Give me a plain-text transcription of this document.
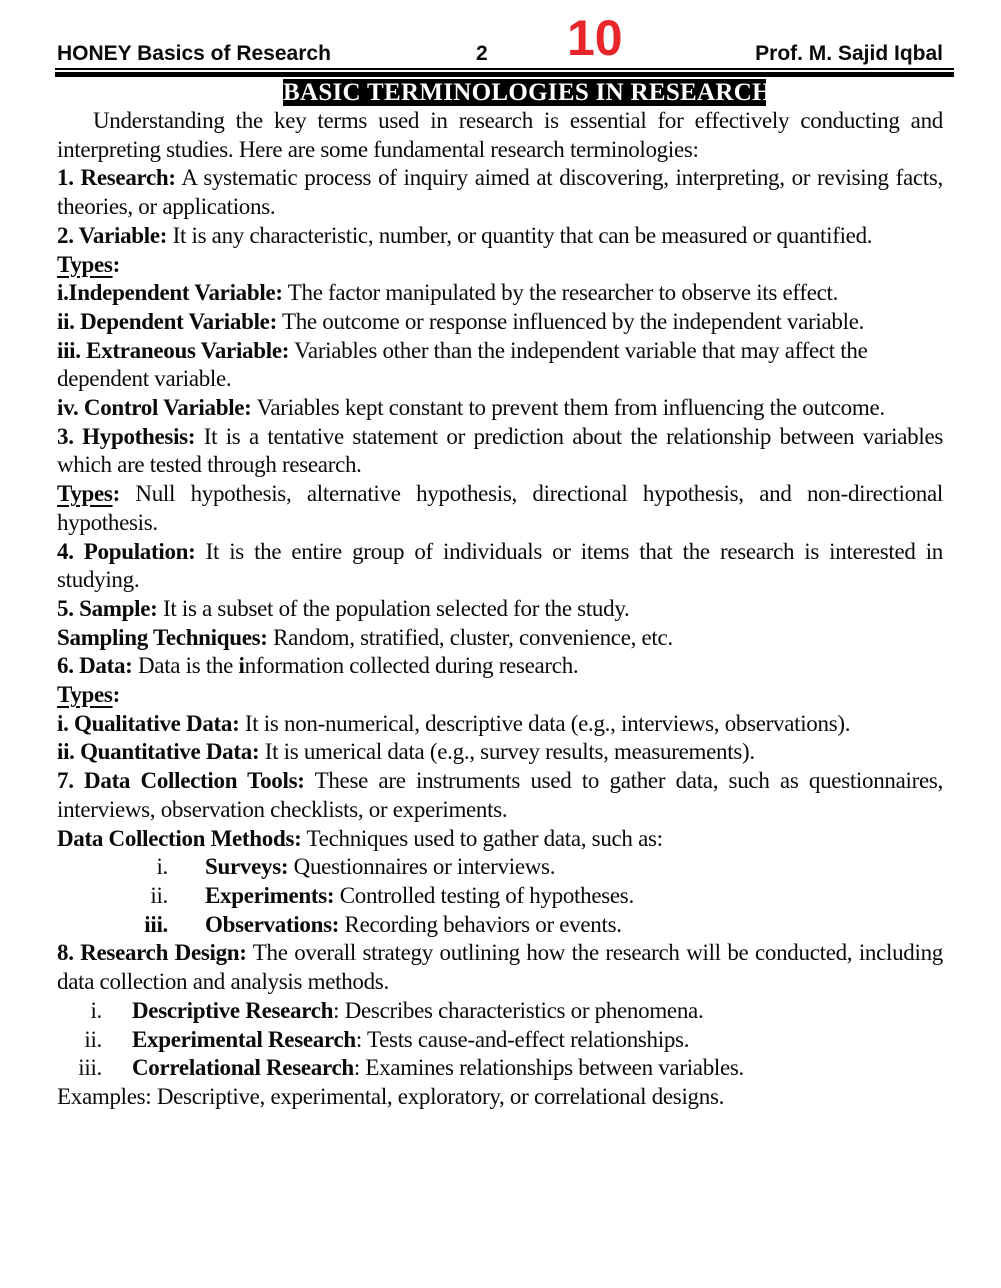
HONEY Basics of Research	2 10	Prof. M. Sajid Iqbal
BASIC TERMINOLOGIES IN RESEARCH
Understanding the key terms used in research is essential for effectively conducting and interpreting studies. Here are some fundamental research terminologies:
1. Research: A systematic process of inquiry aimed at discovering, interpreting, or revising facts, theories, or applications.
2. Variable: It is any characteristic, number, or quantity that can be measured or quantified.
Types:
i.Independent Variable: The factor manipulated by the researcher to observe its effect.
ii. Dependent Variable: The outcome or response influenced by the independent variable.
iii. Extraneous Variable: Variables other than the independent variable that may affect the dependent variable.
iv. Control Variable: Variables kept constant to prevent them from influencing the outcome.
3. Hypothesis: It is a tentative statement or prediction about the relationship between variables which are tested through research.
Types: Null hypothesis, alternative hypothesis, directional hypothesis, and non-directional hypothesis.
4. Population: It is the entire group of individuals or items that the research is interested in studying.
5. Sample: It is a subset of the population selected for the study.
Sampling Techniques: Random, stratified, cluster, convenience, etc.
6. Data: Data is the information collected during research.
Types:
i. Qualitative Data: It is non-numerical, descriptive data (e.g., interviews, observations).
ii. Quantitative Data: It is umerical data (e.g., survey results, measurements).
7. Data Collection Tools: These are instruments used to gather data, such as questionnaires, interviews, observation checklists, or experiments.
Data Collection Methods: Techniques used to gather data, such as:
i. Surveys: Questionnaires or interviews.
ii. Experiments: Controlled testing of hypotheses.
iii. Observations: Recording behaviors or events.
8. Research Design: The overall strategy outlining how the research will be conducted, including data collection and analysis methods.
i. Descriptive Research: Describes characteristics or phenomena.
ii. Experimental Research: Tests cause-and-effect relationships.
iii. Correlational Research: Examines relationships between variables.
Examples: Descriptive, experimental, exploratory, or correlational designs.
